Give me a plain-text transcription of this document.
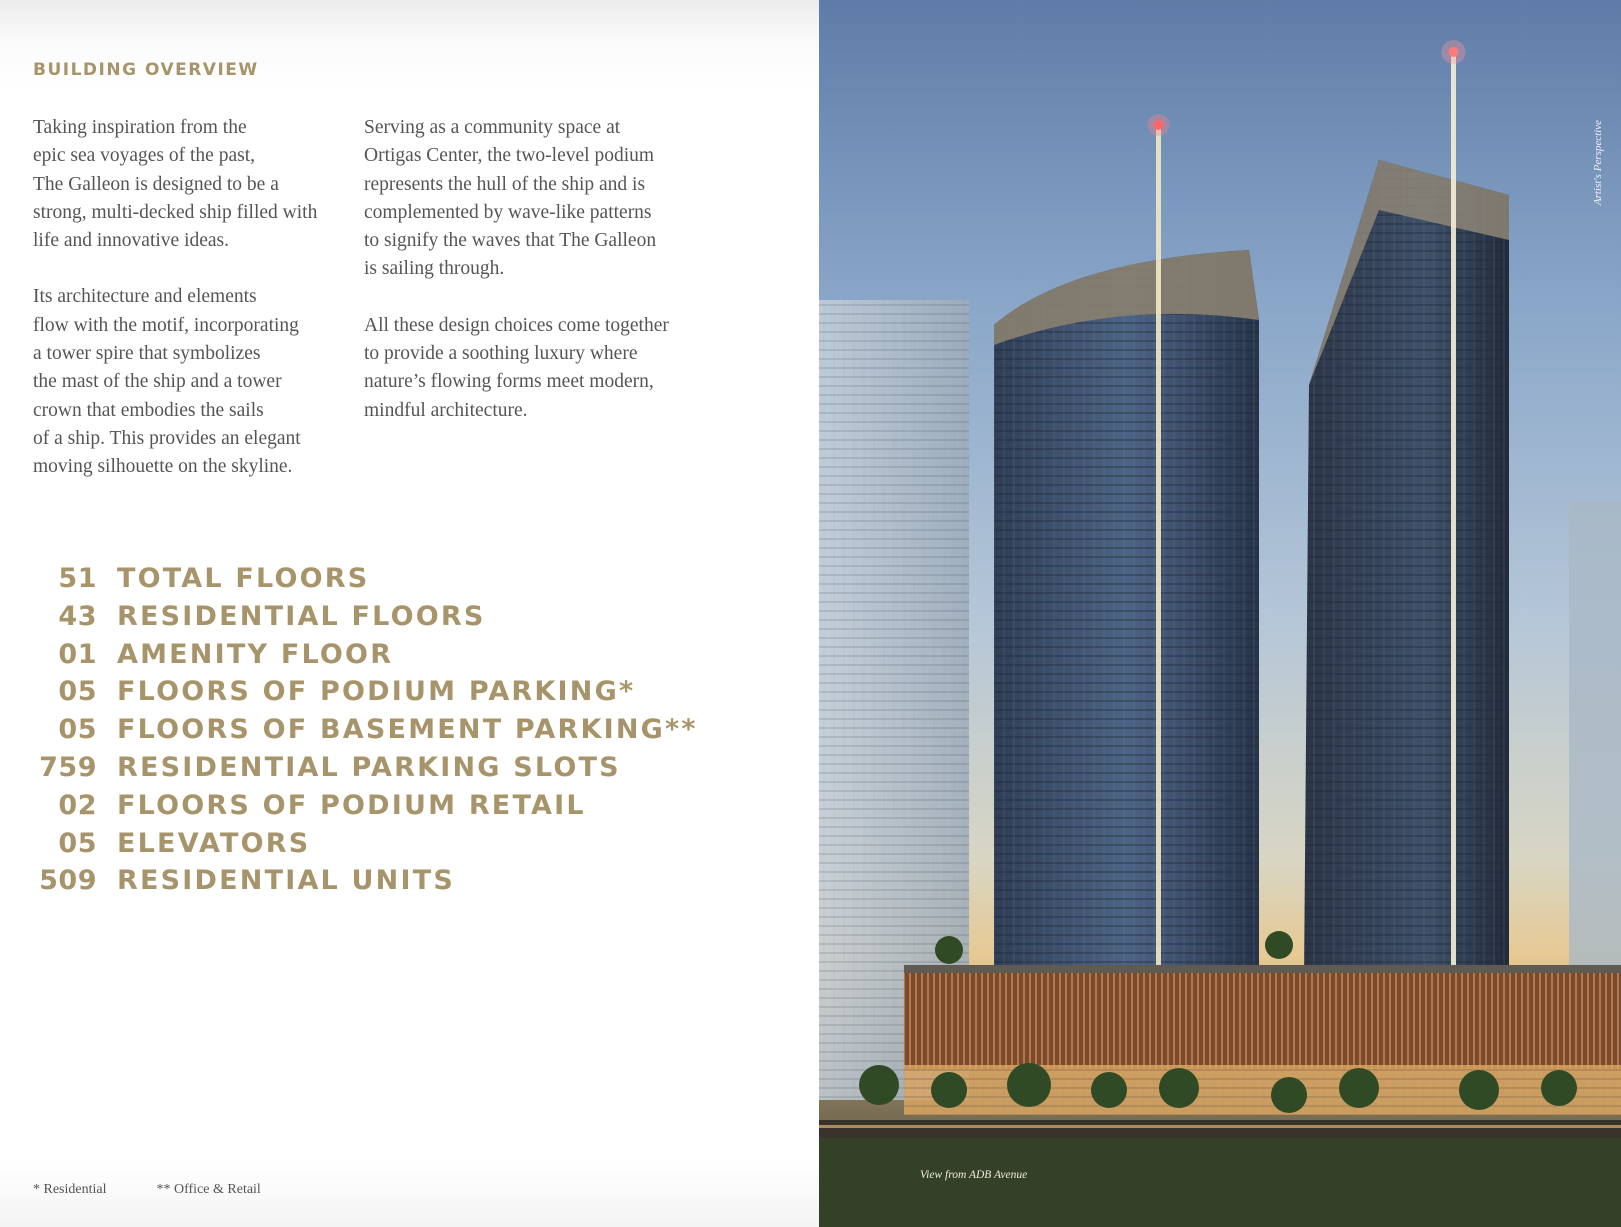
BUILDING OVERVIEW

Taking inspiration from the
epic sea voyages of the past,
The Galleon is designed to be a
strong, multi-decked ship filled with
life and innovative ideas.

Its architecture and elements
flow with the motif, incorporating
a tower spire that symbolizes
the mast of the ship and a tower
crown that embodies the sails
of a ship. This provides an elegant
moving silhouette on the skyline.

Serving as a community space at
Ortigas Center, the two-level podium
represents the hull of the ship and is
complemented by wave-like patterns
to signify the waves that The Galleon
is sailing through.

All these design choices come together
to provide a soothing luxury where
nature’s flowing forms meet modern,
mindful architecture.

51 TOTAL FLOORS
43 RESIDENTIAL FLOORS
01 AMENITY FLOOR
05 FLOORS OF PODIUM PARKING*
05 FLOORS OF BASEMENT PARKING**
759 RESIDENTIAL PARKING SLOTS
02 FLOORS OF PODIUM RETAIL
05 ELEVATORS
509 RESIDENTIAL UNITS
* Residential	** Office & Retail
View from ADB Avenue
Artist's Perspective
